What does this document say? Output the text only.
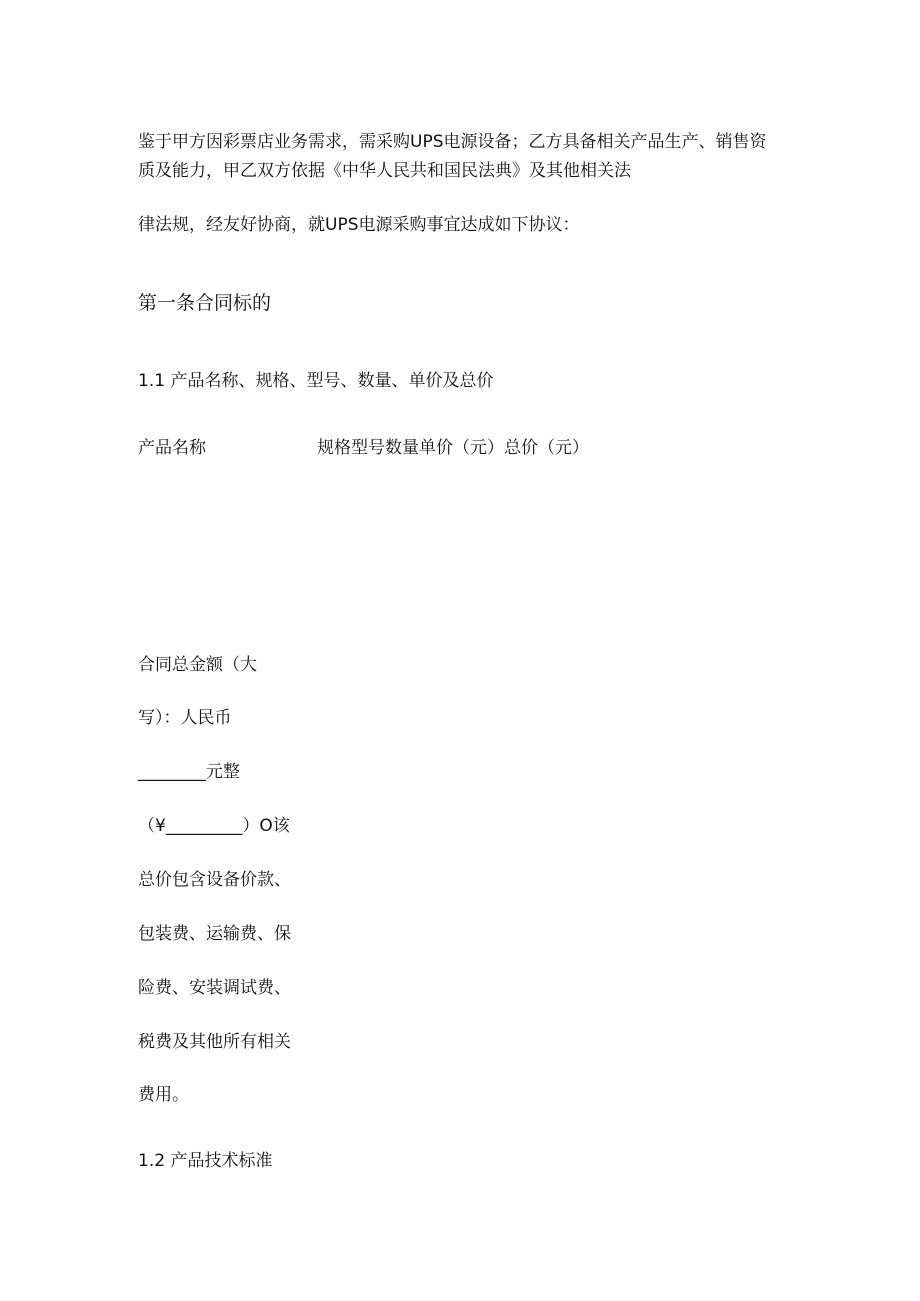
鉴于甲方因彩票店业务需求，需采购UPS电源设备；乙方具备相关产品生产、销售资
质及能力，甲乙双方依据《中华人民共和国民法典》及其他相关法
律法规，经友好协商，就UPS电源采购事宜达成如下协议：
第一条合同标的
1.1 产品名称、规格、型号、数量、单价及总价
产品名称	规格型号数量单价（元）总价（元）
合同总金额（大
写）：人民币
________元整
（¥_________）O该
总价包含设备价款、
包装费、运输费、保
险费、安装调试费、
税费及其他所有相关
费用。
1.2 产品技术标准
